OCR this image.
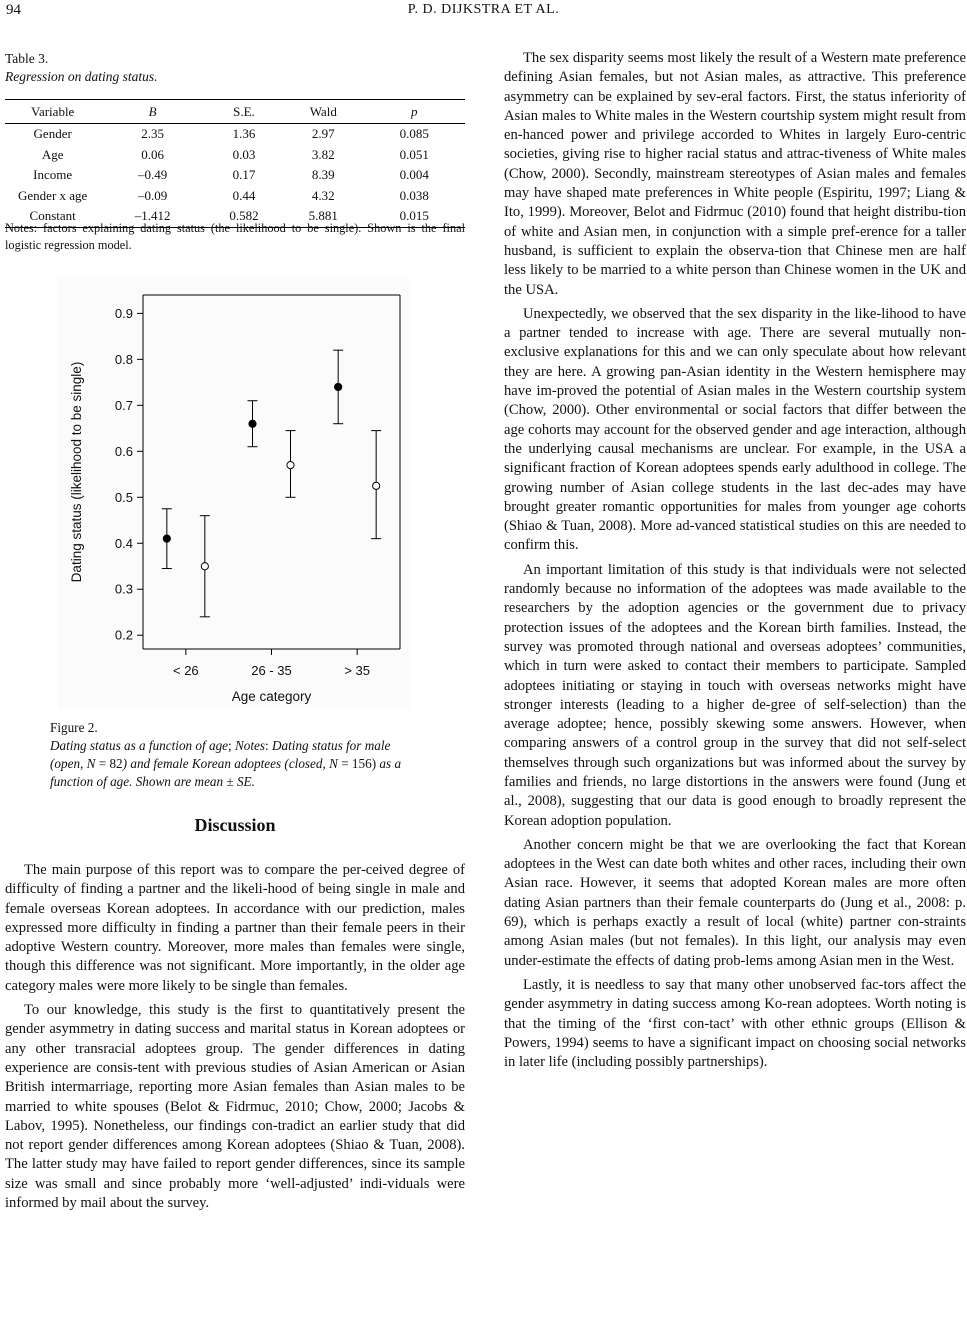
94	P. D. DIJKSTRA ET AL.
Table 3.
Regression on dating status.
Variable	B	S.E.	Wald	p
Gender	2.35	1.36	2.97	0.085
Age	0.06	0.03	3.82	0.051
Income	–0.49	0.17	8.39	0.004
Gender x age	–0.09	0.44	4.32	0.038
Constant	–1.412	0.582	5.881	0.015
Notes: factors explaining dating status (the likelihood to be single). Shown is the final logistic regression model.
0.2
0.3
0.4
0.5
0.6
0.7
0.8
0.9
< 26	26 - 35	> 35
Age category
Dating status (likelihood to be single)
Figure 2.
Dating status as a function of age; Notes: Dating status for male (open, N = 82) and female Korean adoptees (closed, N = 156) as a function of age. Shown are mean ± SE.
Discussion

The main purpose of this report was to compare the per-ceived degree of difficulty of finding a partner and the likeli-hood of being single in male and female overseas Korean adoptees. In accordance with our prediction, males expressed more difficulty in finding a partner than their female peers in their adoptive Western country. Moreover, more males than females were single, though this difference was not significant. More importantly, in the older age category males were more likely to be single than females.

To our knowledge, this study is the first to quantitatively present the gender asymmetry in dating success and marital status in Korean adoptees or any other transracial adoptees group. The gender differences in dating experience are consis-tent with previous studies of Asian American or Asian British intermarriage, reporting more Asian females than Asian males to be married to white spouses (Belot & Fidrmuc, 2010; Chow, 2000; Jacobs & Labov, 1995). Nonetheless, our findings con-tradict an earlier study that did not report gender differences among Korean adoptees (Shiao & Tuan, 2008). The latter study may have failed to report gender differences, since its sample size was small and since probably more ‘well-adjusted’ indi-viduals were informed by mail about the survey.

The sex disparity seems most likely the result of a Western mate preference defining Asian females, but not Asian males, as attractive. This preference asymmetry can be explained by sev-eral factors. First, the status inferiority of Asian males to White males in the Western courtship system might result from en-hanced power and privilege accorded to Whites in largely Euro-centric societies, giving rise to higher racial status and attrac-tiveness of White males (Chow, 2000). Secondly, mainstream stereotypes of Asian males and females may have shaped mate preferences in White people (Espiritu, 1997; Liang & Ito, 1999). Moreover, Belot and Fidrmuc (2010) found that height distribu-tion of white and Asian men, in conjunction with a simple pref-erence for a taller husband, is sufficient to explain the observa-tion that Chinese men are half less likely to be married to a white person than Chinese women in the UK and the USA.

Unexpectedly, we observed that the sex disparity in the like-lihood to have a partner tended to increase with age. There are several mutually non-exclusive explanations for this and we can only speculate about how relevant they are here. A growing pan-Asian identity in the Western hemisphere may have im-proved the potential of Asian males in the Western courtship system (Chow, 2000). Other environmental or social factors that differ between the age cohorts may account for the observed gender and age interaction, although the underlying causal mechanisms are unclear. For example, in the USA a significant fraction of Korean adoptees spends early adulthood in college. The growing number of Asian college students in the last dec-ades may have brought greater romantic opportunities for males from younger age cohorts (Shiao & Tuan, 2008). More ad-vanced statistical studies on this are needed to confirm this.

An important limitation of this study is that individuals were not selected randomly because no information of the adoptees was made available to the researchers by the adoption agencies or the government due to privacy protection issues of the adoptees and the Korean birth families. Instead, the survey was promoted through national and overseas adoptees’ communities, which in turn were asked to contact their members to participate. Sampled adoptees initiating or staying in touch with overseas networks might have stronger interests (leading to a higher de-gree of self-selection) than the average adoptee; hence, possibly skewing some answers. However, when comparing answers of a control group in the survey that did not self-select themselves through such organizations but was informed about the survey by families and friends, no large distortions in the answers were found (Jung et al., 2008), suggesting that our data is good enough to broadly represent the Korean adoption population.

Another concern might be that we are overlooking the fact that Korean adoptees in the West can date both whites and other races, including their own Asian race. However, it seems that adopted Korean males are more often dating Asian partners than their female counterparts do (Jung et al., 2008: p. 69), which is perhaps exactly a result of local (white) partner con-straints among Asian males (but not females). In this light, our analysis may even under-estimate the effects of dating prob-lems among Asian men in the West.

Lastly, it is needless to say that many other unobserved fac-tors affect the gender asymmetry in dating success among Ko-rean adoptees. Worth noting is that the timing of the ‘first con-tact’ with other ethnic groups (Ellison & Powers, 1994) seems to have a significant impact on choosing social networks in later life (including possibly partnerships).
